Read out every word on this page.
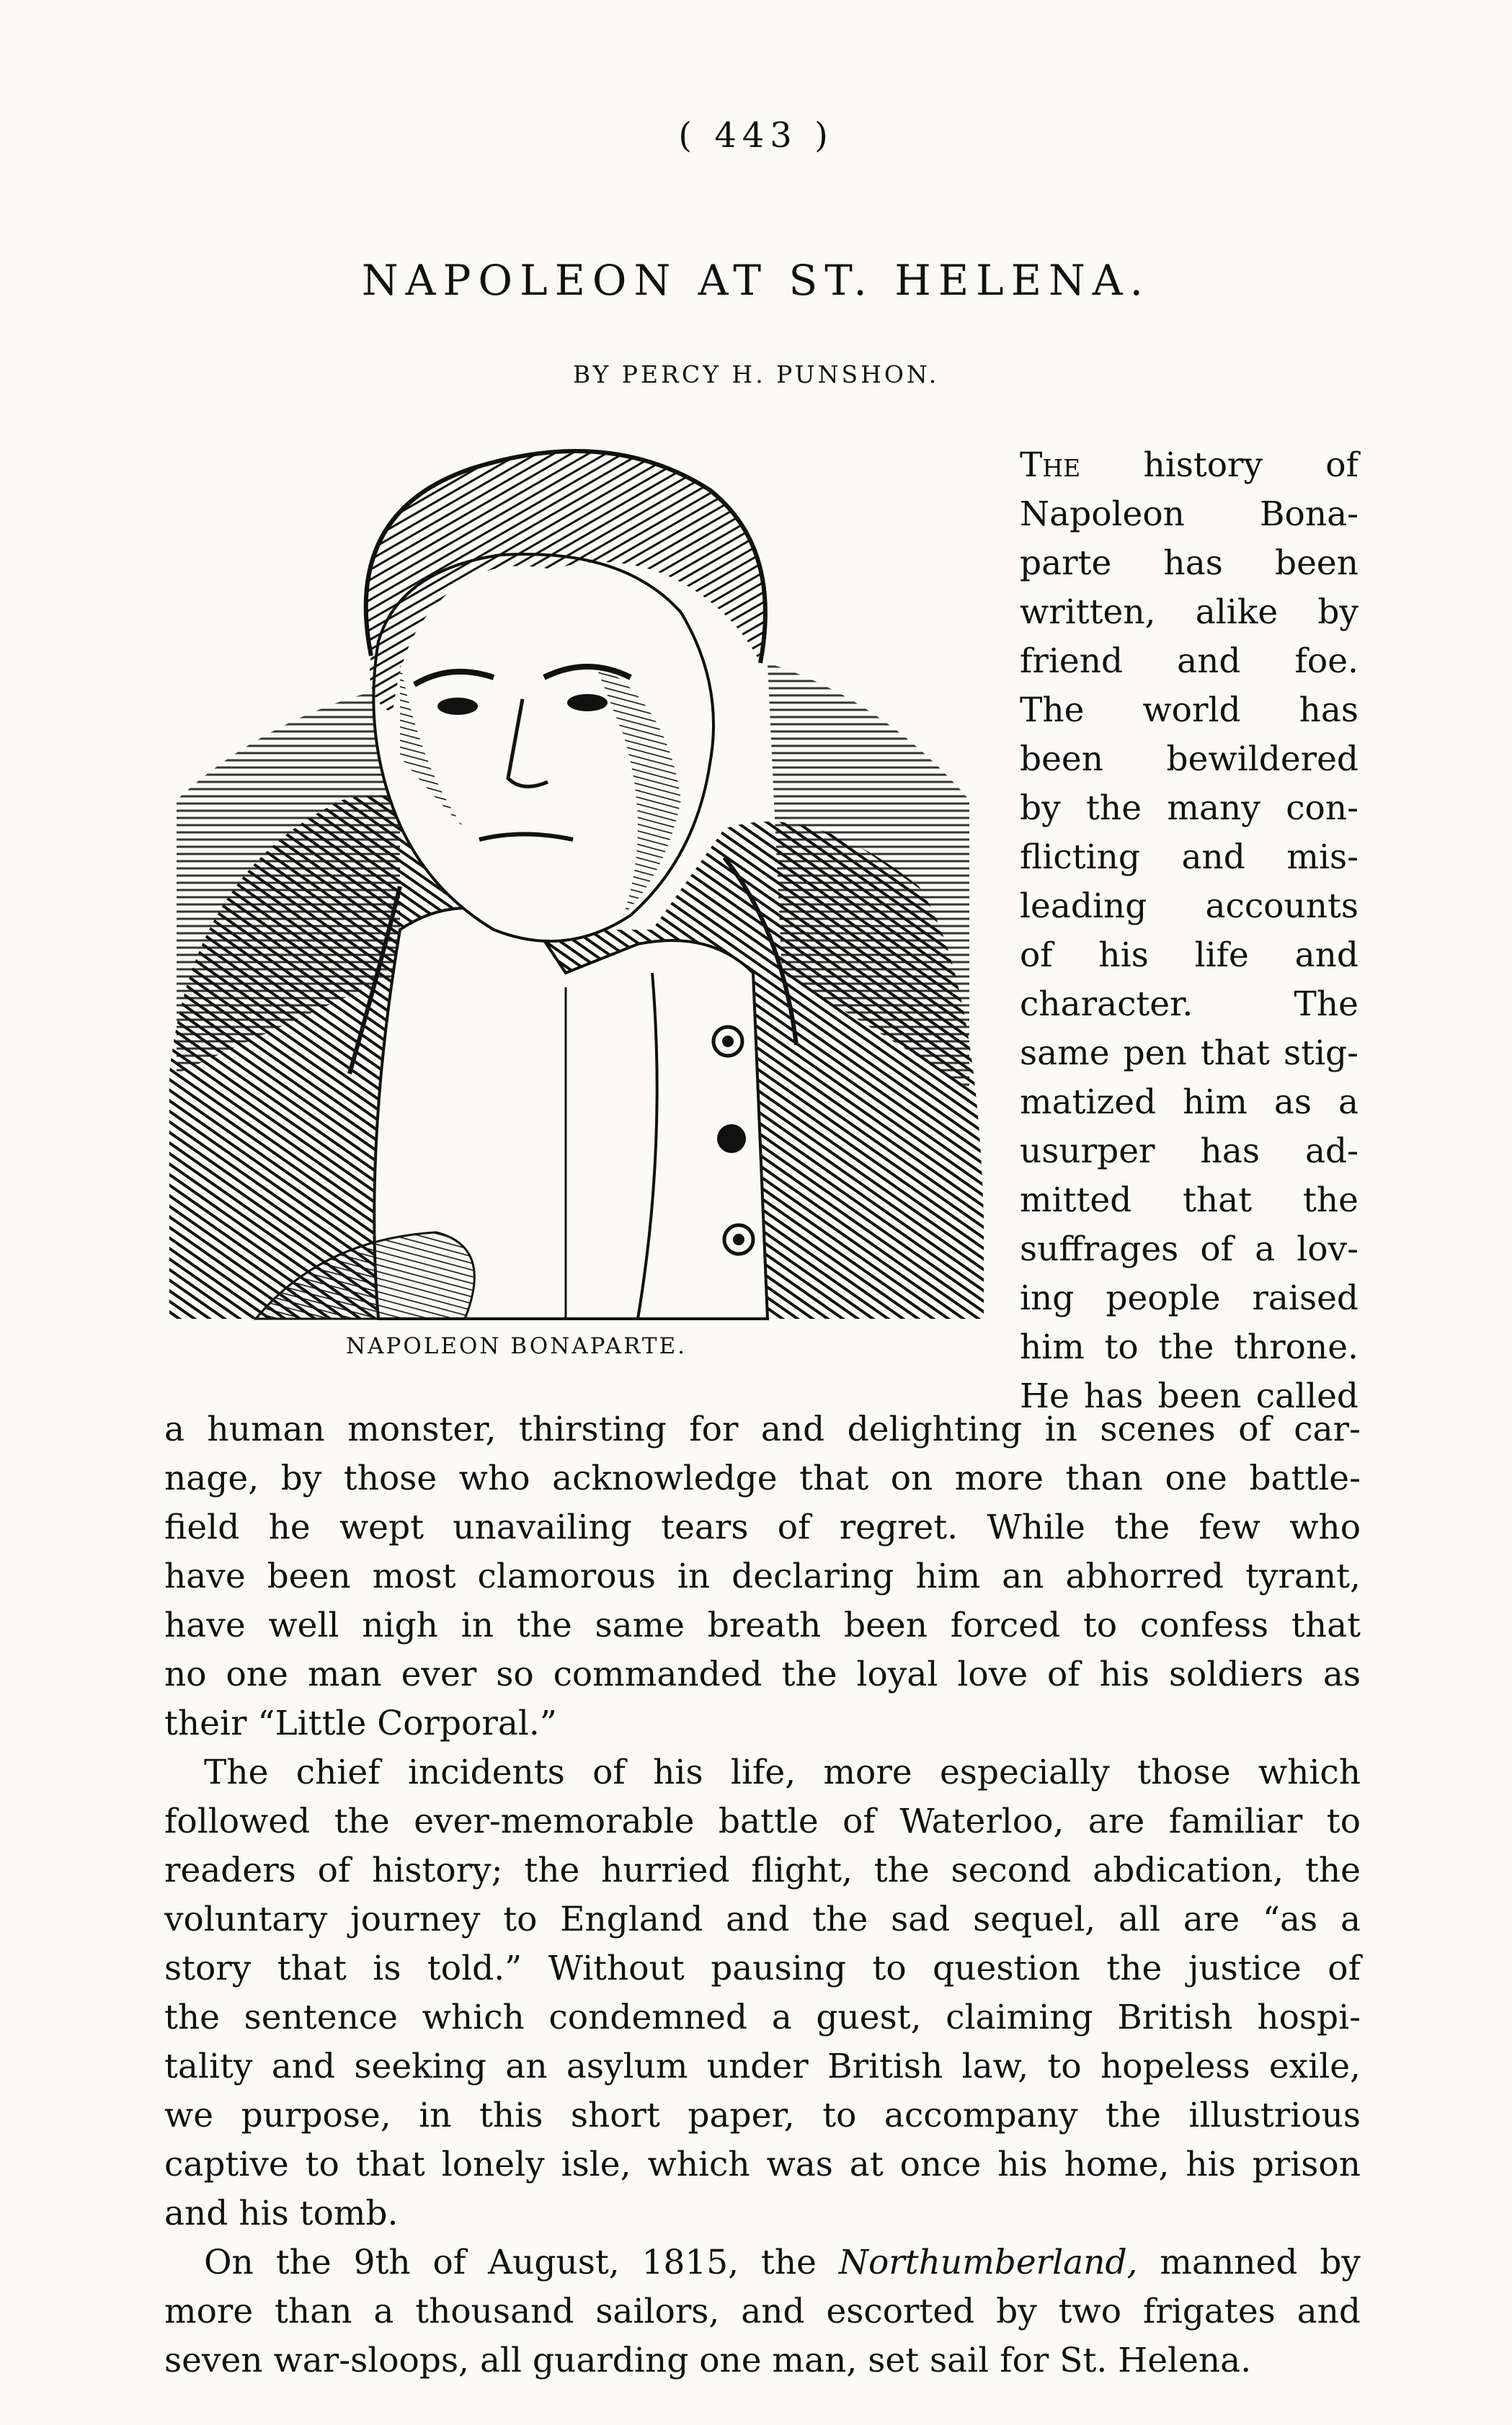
( 443 )
NAPOLEON AT ST. HELENA.
BY PERCY H. PUNSHON.
NAPOLEON BONAPARTE.
The history of
Napoleon Bona-
parte has been
written, alike by
friend and foe.
The world has
been bewildered
by the many con-
flicting and mis-
leading accounts
of his life and
character. The
same pen that stig-
matized him as a
usurper has ad-
mitted that the
suffrages of a lov-
ing people raised
him to the throne.
He has been called
a human monster, thirsting for and delighting in scenes of car-
nage, by those who acknowledge that on more than one battle-
field he wept unavailing tears of regret. While the few who
have been most clamorous in declaring him an abhorred tyrant,
have well nigh in the same breath been forced to confess that
no one man ever so commanded the loyal love of his soldiers as
their “Little Corporal.”
The chief incidents of his life, more especially those which
followed the ever-memorable battle of Waterloo, are familiar to
readers of history; the hurried flight, the second abdication, the
voluntary journey to England and the sad sequel, all are “as a
story that is told.” Without pausing to question the justice of
the sentence which condemned a guest, claiming British hospi-
tality and seeking an asylum under British law, to hopeless exile,
we purpose, in this short paper, to accompany the illustrious
captive to that lonely isle, which was at once his home, his prison
and his tomb.
On the 9th of August, 1815, the Northumberland, manned by
more than a thousand sailors, and escorted by two frigates and
seven war-sloops, all guarding one man, set sail for St. Helena.
